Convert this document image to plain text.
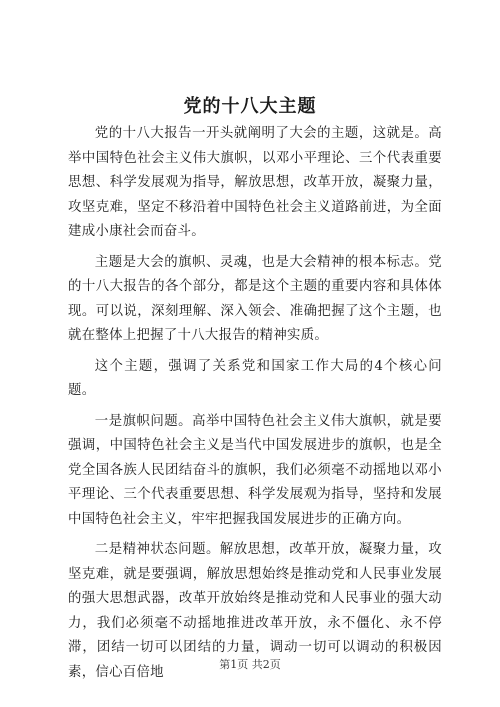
党的十八大主题

党的十八大报告一开头就阐明了大会的主题，这就是。高举中国特色社会主义伟大旗帜，以邓小平理论、三个代表重要思想、科学发展观为指导，解放思想，改革开放，凝聚力量，攻坚克难，坚定不移沿着中国特色社会主义道路前进，为全面建成小康社会而奋斗。

主题是大会的旗帜、灵魂，也是大会精神的根本标志。党的十八大报告的各个部分，都是这个主题的重要内容和具体体现。可以说，深刻理解、深入领会、准确把握了这个主题，也就在整体上把握了十八大报告的精神实质。

这个主题，强调了关系党和国家工作大局的4个核心问题。

一是旗帜问题。高举中国特色社会主义伟大旗帜，就是要强调，中国特色社会主义是当代中国发展进步的旗帜，也是全党全国各族人民团结奋斗的旗帜，我们必须毫不动摇地以邓小平理论、三个代表重要思想、科学发展观为指导，坚持和发展中国特色社会主义，牢牢把握我国发展进步的正确方向。

二是精神状态问题。解放思想，改革开放，凝聚力量，攻坚克难，就是要强调，解放思想始终是推动党和人民事业发展的强大思想武器，改革开放始终是推动党和人民事业的强大动力，我们必须毫不动摇地推进改革开放，永不僵化、永不停滞，团结一切可以团结的力量，调动一切可以调动的积极因素，信心百倍地	第1页 共2页
